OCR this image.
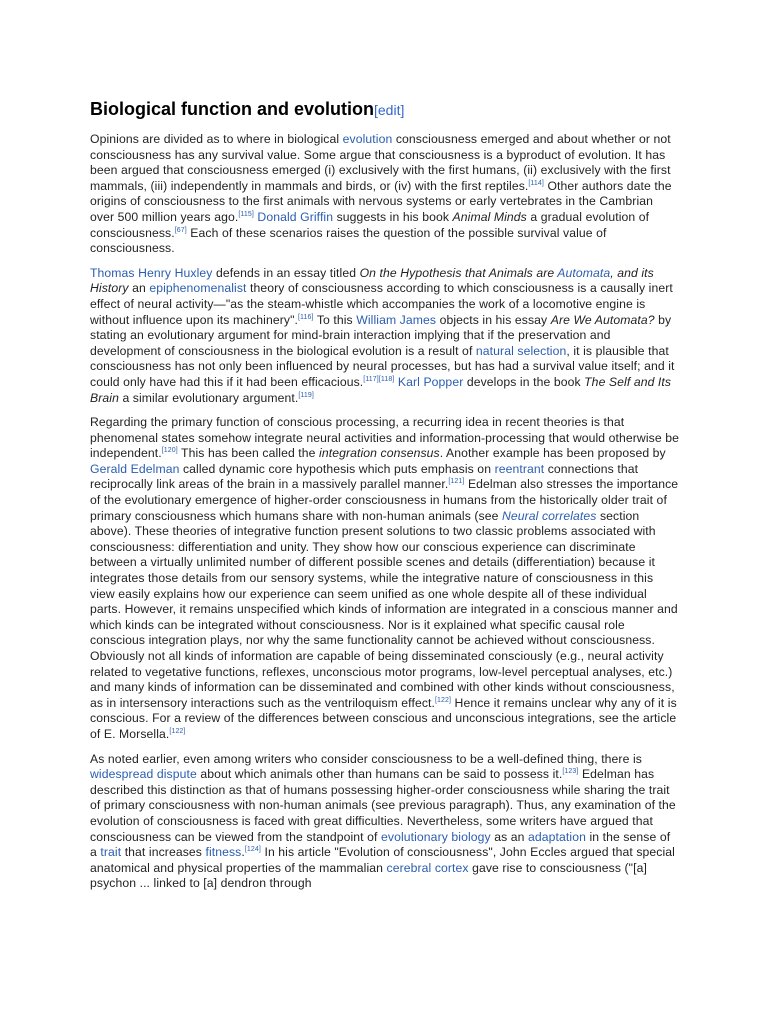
Biological function and evolution[edit]

Opinions are divided as to where in biological evolution consciousness emerged and about whether or not consciousness has any survival value. Some argue that consciousness is a byproduct of evolution. It has been argued that consciousness emerged (i) exclusively with the first humans, (ii) exclusively with the first mammals, (iii) independently in mammals and birds, or (iv) with the first reptiles.[114] Other authors date the origins of consciousness to the first animals with nervous systems or early vertebrates in the Cambrian over 500 million years ago.[115] Donald Griffin suggests in his book Animal Minds a gradual evolution of consciousness.[67] Each of these scenarios raises the question of the possible survival value of consciousness.

Thomas Henry Huxley defends in an essay titled On the Hypothesis that Animals are Automata, and its History an epiphenomenalist theory of consciousness according to which consciousness is a causally inert effect of neural activity—"as the steam-whistle which accompanies the work of a locomotive engine is without influence upon its machinery".[116] To this William James objects in his essay Are We Automata? by stating an evolutionary argument for mind-brain interaction implying that if the preservation and development of consciousness in the biological evolution is a result of natural selection, it is plausible that consciousness has not only been influenced by neural processes, but has had a survival value itself; and it could only have had this if it had been efficacious.[117][118] Karl Popper develops in the book The Self and Its Brain a similar evolutionary argument.[119]

Regarding the primary function of conscious processing, a recurring idea in recent theories is that phenomenal states somehow integrate neural activities and information-processing that would otherwise be independent.[120] This has been called the integration consensus. Another example has been proposed by Gerald Edelman called dynamic core hypothesis which puts emphasis on reentrant connections that reciprocally link areas of the brain in a massively parallel manner.[121] Edelman also stresses the importance of the evolutionary emergence of higher-order consciousness in humans from the historically older trait of primary consciousness which humans share with non-human animals (see Neural correlates section above). These theories of integrative function present solutions to two classic problems associated with consciousness: differentiation and unity. They show how our conscious experience can discriminate between a virtually unlimited number of different possible scenes and details (differentiation) because it integrates those details from our sensory systems, while the integrative nature of consciousness in this view easily explains how our experience can seem unified as one whole despite all of these individual parts. However, it remains unspecified which kinds of information are integrated in a conscious manner and which kinds can be integrated without consciousness. Nor is it explained what specific causal role conscious integration plays, nor why the same functionality cannot be achieved without consciousness. Obviously not all kinds of information are capable of being disseminated consciously (e.g., neural activity related to vegetative functions, reflexes, unconscious motor programs, low-level perceptual analyses, etc.) and many kinds of information can be disseminated and combined with other kinds without consciousness, as in intersensory interactions such as the ventriloquism effect.[122] Hence it remains unclear why any of it is conscious. For a review of the differences between conscious and unconscious integrations, see the article of E. Morsella.[122]

As noted earlier, even among writers who consider consciousness to be a well-defined thing, there is widespread dispute about which animals other than humans can be said to possess it.[123] Edelman has described this distinction as that of humans possessing higher-order consciousness while sharing the trait of primary consciousness with non-human animals (see previous paragraph). Thus, any examination of the evolution of consciousness is faced with great difficulties. Nevertheless, some writers have argued that consciousness can be viewed from the standpoint of evolutionary biology as an adaptation in the sense of a trait that increases fitness.[124] In his article "Evolution of consciousness", John Eccles argued that special anatomical and physical properties of the mammalian cerebral cortex gave rise to consciousness ("[a] psychon ... linked to [a] dendron through
